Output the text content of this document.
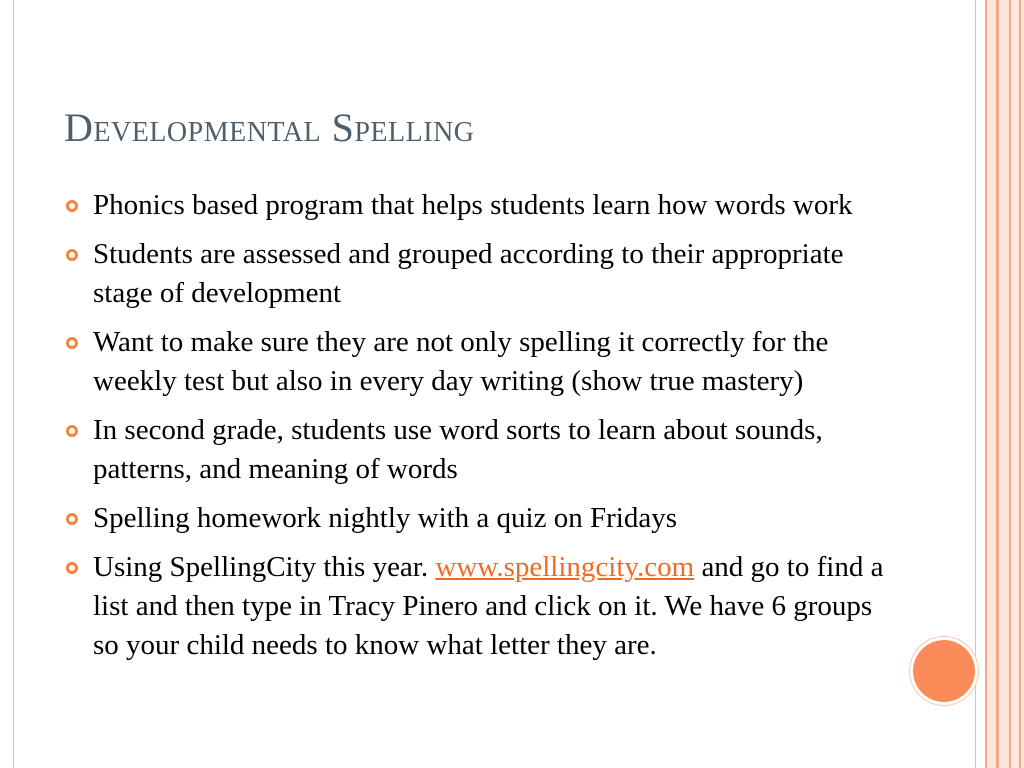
Developmental Spelling
Phonics based program that helps students learn how words work
Students are assessed and grouped according to their appropriate stage of development
Want to make sure they are not only spelling it correctly for the weekly test but also in every day writing (show true mastery)
In second grade, students use word sorts to learn about sounds, patterns, and meaning of words
Spelling homework nightly with a quiz on Fridays
Using SpellingCity this year. www.spellingcity.com and go to find a list and then type in Tracy Pinero and click on it. We have 6 groups so your child needs to know what letter they are.
